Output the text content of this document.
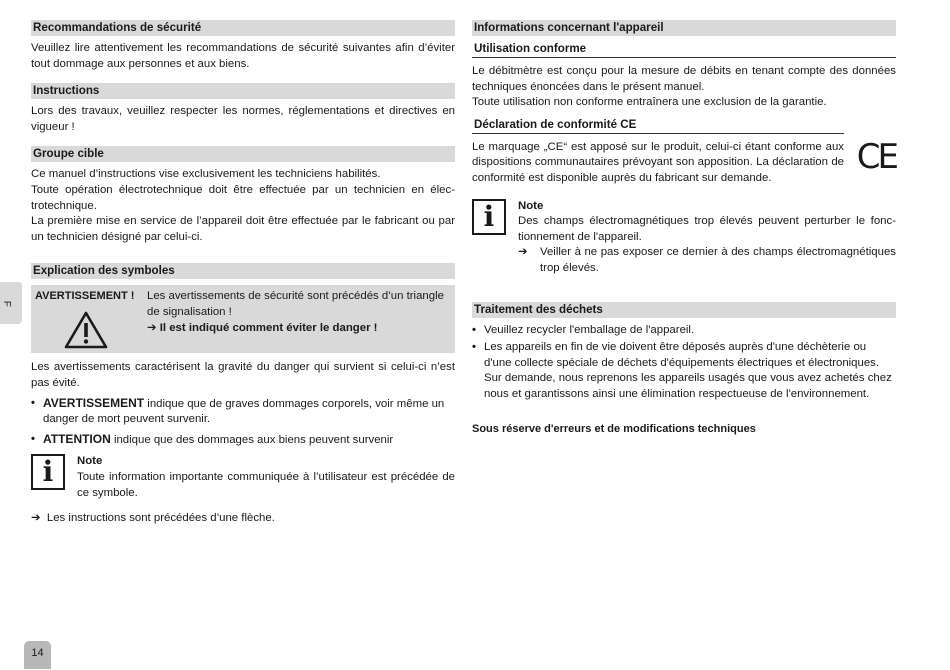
F
14
Recommandations de sécurité

Veuillez lire attentivement les recommandations de sécurité suivantes afin d’éviter tout dommage aux personnes et aux biens.

Instructions

Lors des travaux, veuillez respecter les normes, réglementations et directives en vigueur !

Groupe cible

Ce manuel d’instructions vise exclusivement les techniciens habilités.

Toute opération électrotechnique doit être effectuée par un technicien en élec-trotechnique.

La première mise en service de l’appareil doit être effectuée par le fabricant ou par un technicien désigné par celui-ci.

Explication des symboles
AVERTISSEMENT ! Les avertissements de sécurité sont précédés d’un triangle de signalisation !
➔ Il est indiqué comment éviter le danger !

Les avertissements caractérisent la gravité du danger qui survient si celui-ci n’est pas évité.

• AVERTISSEMENT indique que de graves dommages corporels, voir même un danger de mort peuvent survenir.
• ATTENTION indique que des dommages aux biens peuvent survenir
i	Note

Toute information importante communiquée à l’utilisateur est précédée de ce symbole.

➔ Les instructions sont précédées d’une flèche.
Informations concernant l'appareil
Utilisation conforme

Le débitmètre est conçu pour la mesure de débits en tenant compte des données techniques énoncées dans le présent manuel.

Toute utilisation non conforme entraînera une exclusion de la garantie.

Déclaration de conformité CE

Le marquage „CE“ est apposé sur le produit, celui-ci étant conforme aux dispositions communautaires prévoyant son apposition. La déclaration de conformité est disponible auprès du fabricant sur demande.

CE
i	Note

Des champs électromagnétiques trop élevés peuvent perturber le fonc-tionnement de l'appareil.

➔ Veiller à ne pas exposer ce dernier à des champs électromagnétiques trop élevés.

Traitement des déchets
• Veuillez recycler l'emballage de l'appareil.
• Les appareils en fin de vie doivent être déposés auprès d'une déchèterie ou d'une collecte spéciale de déchets d'équipements électriques et électroniques. Sur demande, nous reprenons les appareils usagés que vous avez achetés chez nous et garantissons ainsi une élimination respectueuse de l'environnement.
Sous réserve d'erreurs et de modifications techniques
